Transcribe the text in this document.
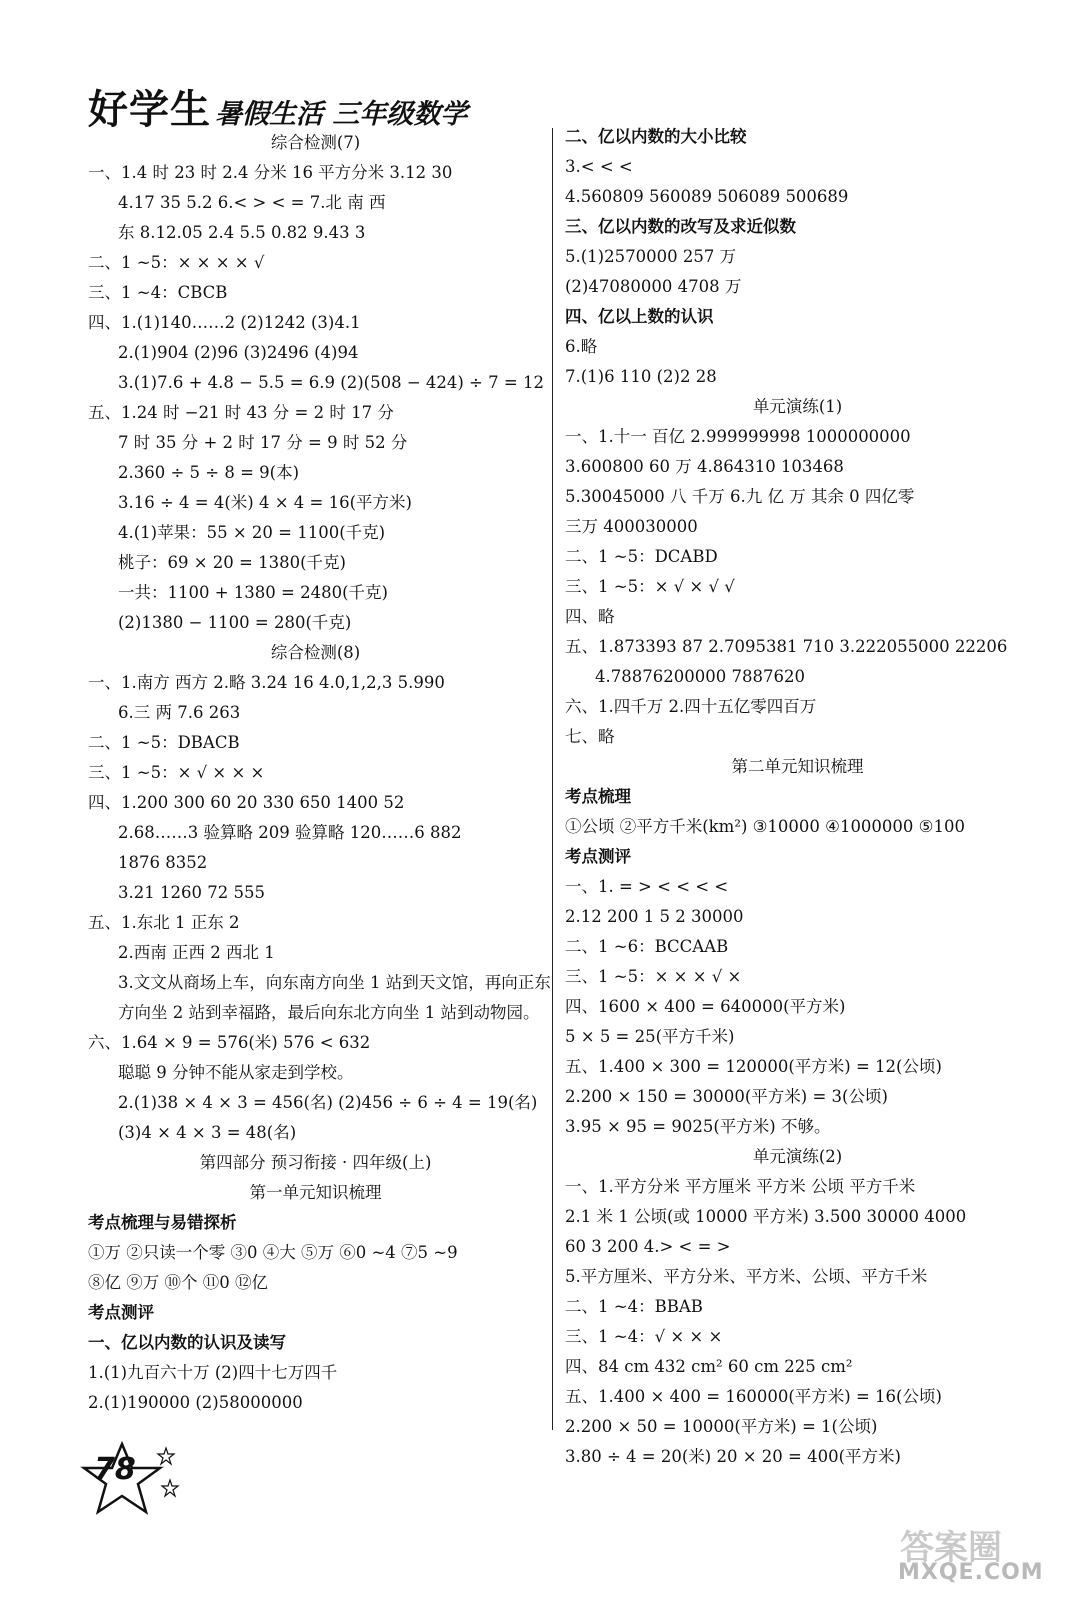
好学生 暑假生活 三年级数学
综合检测(7)
一、1.4 时 23 时 2.4 分米 16 平方分米 3.12 30
4.17 35 5.2 6.< > < = 7.北 南 西
东 8.12.05 2.4 5.5 0.82 9.43 3
二、1 ~5：× × × × √
三、1 ~4：CBCB
四、1.(1)140……2 (2)1242 (3)4.1
2.(1)904 (2)96 (3)2496 (4)94
3.(1)7.6 + 4.8 − 5.5 = 6.9 (2)(508 − 424) ÷ 7 = 12
五、1.24 时 −21 时 43 分 = 2 时 17 分
7 时 35 分 + 2 时 17 分 = 9 时 52 分
2.360 ÷ 5 ÷ 8 = 9(本)
3.16 ÷ 4 = 4(米) 4 × 4 = 16(平方米)
4.(1)苹果：55 × 20 = 1100(千克)
桃子：69 × 20 = 1380(千克)
一共：1100 + 1380 = 2480(千克)
(2)1380 − 1100 = 280(千克)
综合检测(8)
一、1.南方 西方 2.略 3.24 16 4.0,1,2,3 5.990
6.三 两 7.6 263
二、1 ~5：DBACB
三、1 ~5：× √ × × ×
四、1.200 300 60 20 330 650 1400 52
2.68……3 验算略 209 验算略 120……6 882
1876 8352
3.21 1260 72 555
五、1.东北 1 正东 2
2.西南 正西 2 西北 1
3.文文从商场上车，向东南方向坐 1 站到天文馆，再向正东
方向坐 2 站到幸福路，最后向东北方向坐 1 站到动物园。
六、1.64 × 9 = 576(米) 576 < 632
聪聪 9 分钟不能从家走到学校。
2.(1)38 × 4 × 3 = 456(名) (2)456 ÷ 6 ÷ 4 = 19(名)
(3)4 × 4 × 3 = 48(名)
第四部分 预习衔接 · 四年级(上)
第一单元知识梳理
考点梳理与易错探析
①万 ②只读一个零 ③0 ④大 ⑤万 ⑥0 ~4 ⑦5 ~9
⑧亿 ⑨万 ⑩个 ⑪0 ⑫亿
考点测评
一、亿以内数的认识及读写
1.(1)九百六十万 (2)四十七万四千
2.(1)190000 (2)58000000
二、亿以内数的大小比较
3.< < <
4.560809 560089 506089 500689
三、亿以内数的改写及求近似数
5.(1)2570000 257 万
(2)47080000 4708 万
四、亿以上数的认识
6.略
7.(1)6 110 (2)2 28
单元演练(1)
一、1.十一 百亿 2.999999998 1000000000
3.600800 60 万 4.864310 103468
5.30045000 八 千万 6.九 亿 万 其余 0 四亿零
三万 400030000
二、1 ~5：DCABD
三、1 ~5：× √ × √ √
四、略
五、1.873393 87 2.7095381 710 3.222055000 22206
4.78876200000 7887620
六、1.四千万 2.四十五亿零四百万
七、略
第二单元知识梳理
考点梳理
①公顷 ②平方千米(km²) ③10000 ④1000000 ⑤100
考点测评
一、1. = > < < < <
2.12 200 1 5 2 30000
二、1 ~6：BCCAAB
三、1 ~5：× × × √ ×
四、1600 × 400 = 640000(平方米)
5 × 5 = 25(平方千米)
五、1.400 × 300 = 120000(平方米) = 12(公顷)
2.200 × 150 = 30000(平方米) = 3(公顷)
3.95 × 95 = 9025(平方米) 不够。
单元演练(2)
一、1.平方分米 平方厘米 平方米 公顷 平方千米
2.1 米 1 公顷(或 10000 平方米) 3.500 30000 4000
60 3 200 4.> < = >
5.平方厘米、平方分米、平方米、公顷、平方千米
二、1 ~4：BBAB
三、1 ~4：√ × × ×
四、84 cm 432 cm² 60 cm 225 cm²
五、1.400 × 400 = 160000(平方米) = 16(公顷)
2.200 × 50 = 10000(平方米) = 1(公顷)
3.80 ÷ 4 = 20(米) 20 × 20 = 400(平方米)
78
答案圈
MXQE.COM
